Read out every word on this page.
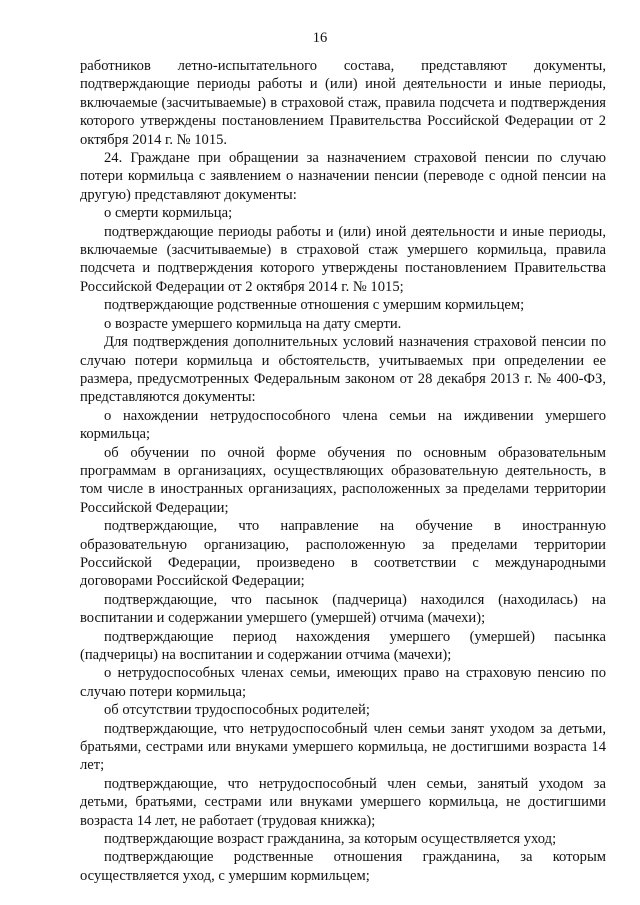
16

работников летно-испытательного состава, представляют документы, подтверждающие периоды работы и (или) иной деятельности и иные периоды, включаемые (засчитываемые) в страховой стаж, правила подсчета и подтверждения которого утверждены постановлением Правительства Российской Федерации от 2 октября 2014 г. № 1015.

24. Граждане при обращении за назначением страховой пенсии по случаю потери кормильца с заявлением о назначении пенсии (переводе с одной пенсии на другую) представляют документы:

о смерти кормильца;

подтверждающие периоды работы и (или) иной деятельности и иные периоды, включаемые (засчитываемые) в страховой стаж умершего кормильца, правила подсчета и подтверждения которого утверждены постановлением Правительства Российской Федерации от 2 октября 2014 г. № 1015;

подтверждающие родственные отношения с умершим кормильцем;

о возрасте умершего кормильца на дату смерти.

Для подтверждения дополнительных условий назначения страховой пенсии по случаю потери кормильца и обстоятельств, учитываемых при определении ее размера, предусмотренных Федеральным законом от 28 декабря 2013 г. № 400-ФЗ, представляются документы:

о нахождении нетрудоспособного члена семьи на иждивении умершего кормильца;

об обучении по очной форме обучения по основным образовательным программам в организациях, осуществляющих образовательную деятельность, в том числе в иностранных организациях, расположенных за пределами территории Российской Федерации;

подтверждающие, что направление на обучение в иностранную образовательную организацию, расположенную за пределами территории Российской Федерации, произведено в соответствии с международными договорами Российской Федерации;

подтверждающие, что пасынок (падчерица) находился (находилась) на воспитании и содержании умершего (умершей) отчима (мачехи);

подтверждающие период нахождения умершего (умершей) пасынка (падчерицы) на воспитании и содержании отчима (мачехи);

о нетрудоспособных членах семьи, имеющих право на страховую пенсию по случаю потери кормильца;

об отсутствии трудоспособных родителей;

подтверждающие, что нетрудоспособный член семьи занят уходом за детьми, братьями, сестрами или внуками умершего кормильца, не достигшими возраста 14 лет;

подтверждающие, что нетрудоспособный член семьи, занятый уходом за детьми, братьями, сестрами или внуками умершего кормильца, не достигшими возраста 14 лет, не работает (трудовая книжка);

подтверждающие возраст гражданина, за которым осуществляется уход;

подтверждающие родственные отношения гражданина, за которым осуществляется уход, с умершим кормильцем;
